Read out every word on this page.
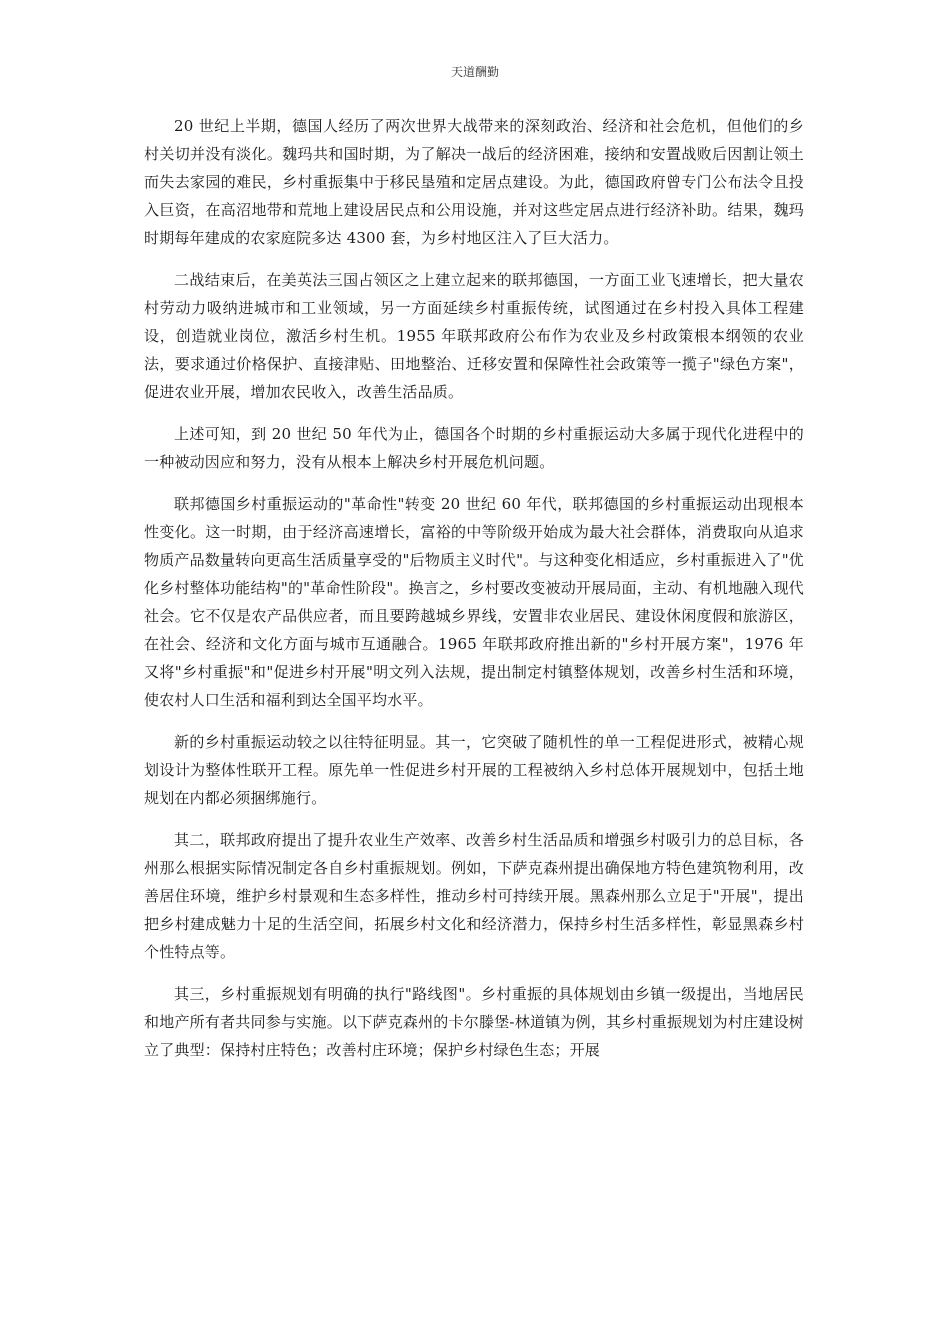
天道酬勤

20 世纪上半期，德国人经历了两次世界大战带来的深刻政治、经济和社会危机，但他们的乡村关切并没有淡化。魏玛共和国时期，为了解决一战后的经济困难，接纳和安置战败后因割让领土而失去家园的难民，乡村重振集中于移民垦殖和定居点建设。为此，德国政府曾专门公布法令且投入巨资，在高沼地带和荒地上建设居民点和公用设施，并对这些定居点进行经济补助。结果，魏玛时期每年建成的农家庭院多达 4300 套，为乡村地区注入了巨大活力。

二战结束后，在美英法三国占领区之上建立起来的联邦德国，一方面工业飞速增长，把大量农村劳动力吸纳进城市和工业领域，另一方面延续乡村重振传统，试图通过在乡村投入具体工程建设，创造就业岗位，激活乡村生机。1955 年联邦政府公布作为农业及乡村政策根本纲领的农业法，要求通过价格保护、直接津贴、田地整治、迁移安置和保障性社会政策等一揽子"绿色方案"，促进农业开展，增加农民收入，改善生活品质。

上述可知，到 20 世纪 50 年代为止，德国各个时期的乡村重振运动大多属于现代化进程中的一种被动因应和努力，没有从根本上解决乡村开展危机问题。

联邦德国乡村重振运动的"革命性"转变 20 世纪 60 年代，联邦德国的乡村重振运动出现根本性变化。这一时期，由于经济高速增长，富裕的中等阶级开始成为最大社会群体，消费取向从追求物质产品数量转向更高生活质量享受的"后物质主义时代"。与这种变化相适应，乡村重振进入了"优化乡村整体功能结构"的"革命性阶段"。换言之，乡村要改变被动开展局面，主动、有机地融入现代社会。它不仅是农产品供应者，而且要跨越城乡界线，安置非农业居民、建设休闲度假和旅游区，在社会、经济和文化方面与城市互通融合。1965 年联邦政府推出新的"乡村开展方案"，1976 年又将"乡村重振"和"促进乡村开展"明文列入法规，提出制定村镇整体规划，改善乡村生活和环境，使农村人口生活和福利到达全国平均水平。

新的乡村重振运动较之以往特征明显。其一，它突破了随机性的单一工程促进形式，被精心规划设计为整体性联开工程。原先单一性促进乡村开展的工程被纳入乡村总体开展规划中，包括土地规划在内都必须捆绑施行。

其二，联邦政府提出了提升农业生产效率、改善乡村生活品质和增强乡村吸引力的总目标，各州那么根据实际情况制定各自乡村重振规划。例如，下萨克森州提出确保地方特色建筑物利用，改善居住环境，维护乡村景观和生态多样性，推动乡村可持续开展。黑森州那么立足于"开展"，提出把乡村建成魅力十足的生活空间，拓展乡村文化和经济潜力，保持乡村生活多样性，彰显黑森乡村个性特点等。

其三，乡村重振规划有明确的执行"路线图"。乡村重振的具体规划由乡镇一级提出，当地居民和地产所有者共同参与实施。以下萨克森州的卡尔滕堡-林道镇为例，其乡村重振规划为村庄建设树立了典型：保持村庄特色；改善村庄环境；保护乡村绿色生态；开展
